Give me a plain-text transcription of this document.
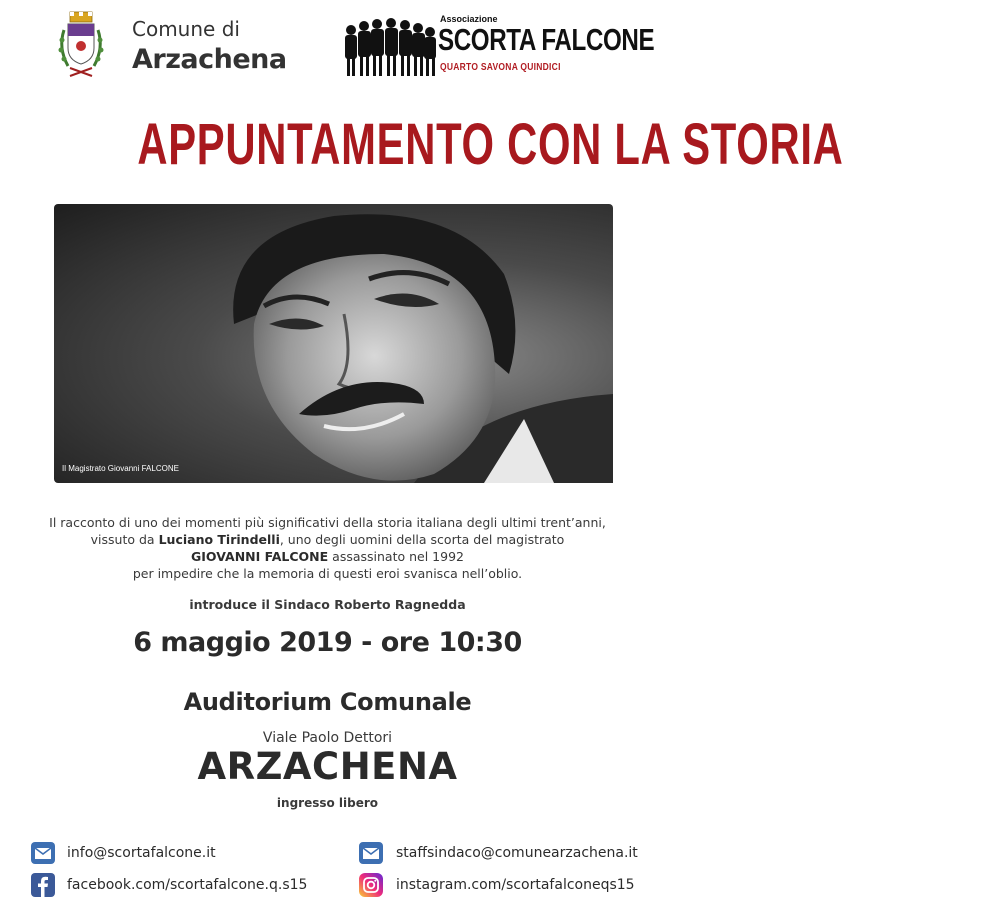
Comune di
Arzachena
Associazione
SCORTA FALCONE
QUARTO SAVONA QUINDICI
APPUNTAMENTO CON LA STORIA
Il Magistrato Giovanni FALCONE
Il racconto di uno dei momenti più significativi della storia italiana degli ultimi trent’anni,
vissuto da Luciano Tirindelli, uno degli uomini della scorta del magistrato
GIOVANNI FALCONE assassinato nel 1992
per impedire che la memoria di questi eroi svanisca nell’oblio.
introduce il Sindaco Roberto Ragnedda
6 maggio 2019 - ore 10:30
Auditorium Comunale
Viale Paolo Dettori
ARZACHENA
ingresso libero
info@scortafalcone.it	staffsindaco@comunearzachena.it
facebook.com/scortafalcone.q.s15	instagram.com/scortafalconeqs15
